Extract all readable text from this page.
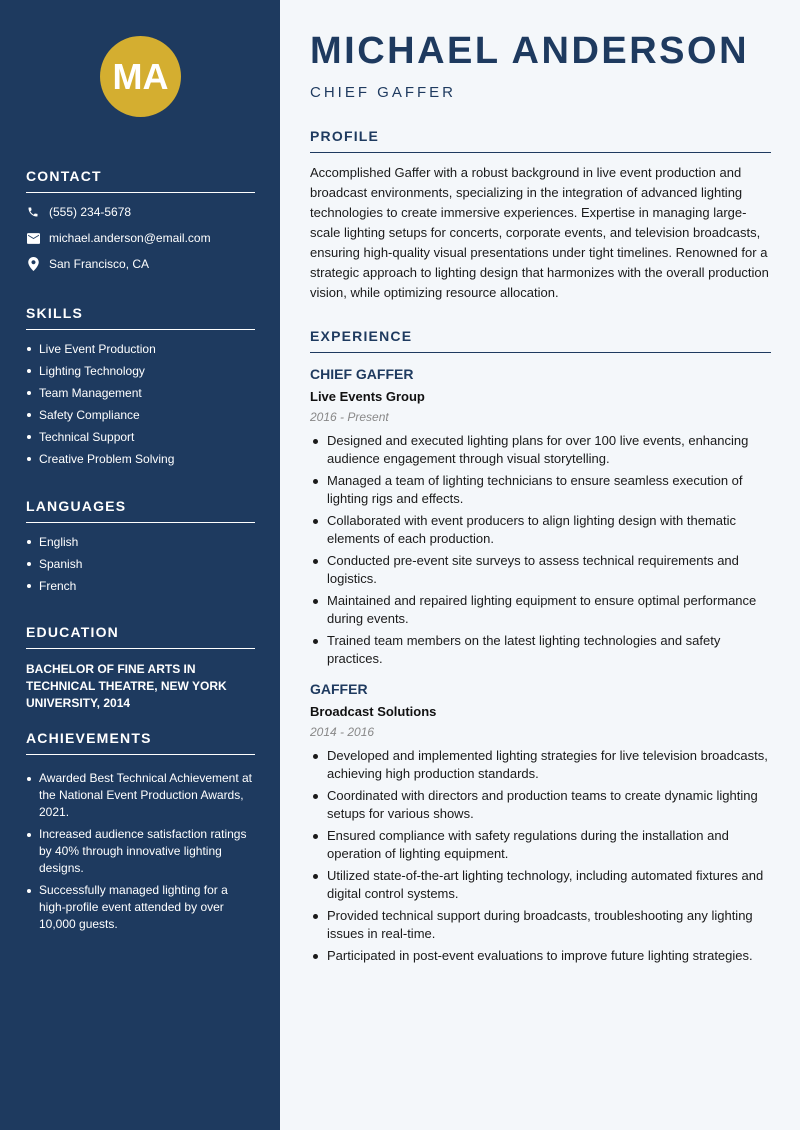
MA
CONTACT
(555) 234-5678
michael.anderson@email.com
San Francisco, CA
SKILLS
Live Event Production
Lighting Technology
Team Management
Safety Compliance
Technical Support
Creative Problem Solving
LANGUAGES
English
Spanish
French
EDUCATION

BACHELOR OF FINE ARTS IN TECHNICAL THEATRE, NEW YORK UNIVERSITY, 2014

ACHIEVEMENTS
Awarded Best Technical Achievement at the National Event Production Awards, 2021.
Increased audience satisfaction ratings by 40% through innovative lighting designs.
Successfully managed lighting for a high-profile event attended by over 10,000 guests.
MICHAEL ANDERSON
CHIEF GAFFER
PROFILE

Accomplished Gaffer with a robust background in live event production and broadcast environments, specializing in the integration of advanced lighting technologies to create immersive experiences. Expertise in managing large-scale lighting setups for concerts, corporate events, and television broadcasts, ensuring high-quality visual presentations under tight timelines. Renowned for a strategic approach to lighting design that harmonizes with the overall production vision, while optimizing resource allocation.

EXPERIENCE
CHIEF GAFFER
Live Events Group
2016 - Present
Designed and executed lighting plans for over 100 live events, enhancing audience engagement through visual storytelling.
Managed a team of lighting technicians to ensure seamless execution of lighting rigs and effects.
Collaborated with event producers to align lighting design with thematic elements of each production.
Conducted pre-event site surveys to assess technical requirements and logistics.
Maintained and repaired lighting equipment to ensure optimal performance during events.
Trained team members on the latest lighting technologies and safety practices.
GAFFER
Broadcast Solutions
2014 - 2016
Developed and implemented lighting strategies for live television broadcasts, achieving high production standards.
Coordinated with directors and production teams to create dynamic lighting setups for various shows.
Ensured compliance with safety regulations during the installation and operation of lighting equipment.
Utilized state-of-the-art lighting technology, including automated fixtures and digital control systems.
Provided technical support during broadcasts, troubleshooting any lighting issues in real-time.
Participated in post-event evaluations to improve future lighting strategies.
